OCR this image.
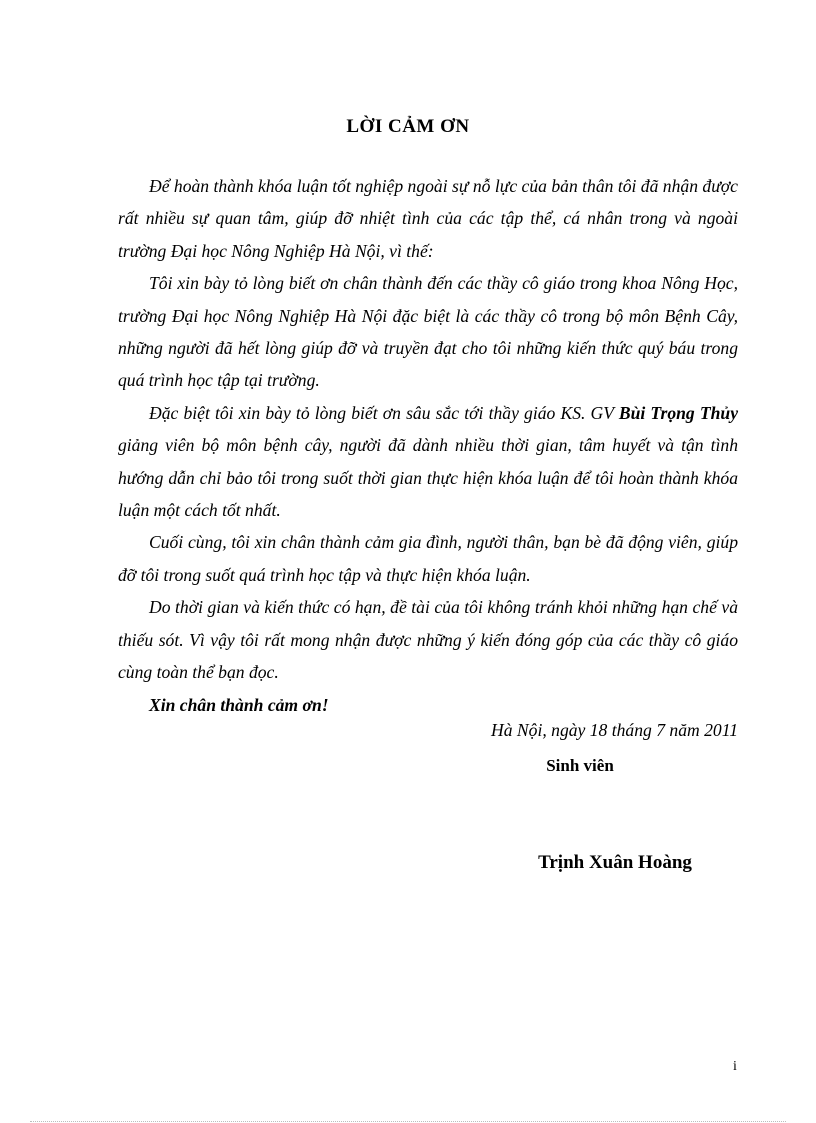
LỜI CẢM ƠN

Để hoàn thành khóa luận tốt nghiệp ngoài sự nỗ lực của bản thân tôi đã nhận được rất nhiều sự quan tâm, giúp đỡ nhiệt tình của các tập thể, cá nhân trong và ngoài trường Đại học Nông Nghiệp Hà Nội, vì thế:

Tôi xin bày tỏ lòng biết ơn chân thành đến các thầy cô giáo trong khoa Nông Học, trường Đại học Nông Nghiệp Hà Nội đặc biệt là các thầy cô trong bộ môn Bệnh Cây, những người đã hết lòng giúp đỡ và truyền đạt cho tôi những kiến thức quý báu trong quá trình học tập tại trường.

Đặc biệt tôi xin bày tỏ lòng biết ơn sâu sắc tới thầy giáo KS. GV Bùi Trọng Thủy giảng viên bộ môn bệnh cây, người đã dành nhiều thời gian, tâm huyết và tận tình hướng dẫn chỉ bảo tôi trong suốt thời gian thực hiện khóa luận để tôi hoàn thành khóa luận một cách tốt nhất.

Cuối cùng, tôi xin chân thành cảm gia đình, người thân, bạn bè đã động viên, giúp đỡ tôi trong suốt quá trình học tập và thực hiện khóa luận.

Do thời gian và kiến thức có hạn, đề tài của tôi không tránh khỏi những hạn chế và thiếu sót. Vì vậy tôi rất mong nhận được những ý kiến đóng góp của các thầy cô giáo cùng toàn thể bạn đọc.

Xin chân thành cảm ơn!

Hà Nội, ngày 18 tháng 7 năm 2011
Sinh viên
Trịnh Xuân Hoàng
i
